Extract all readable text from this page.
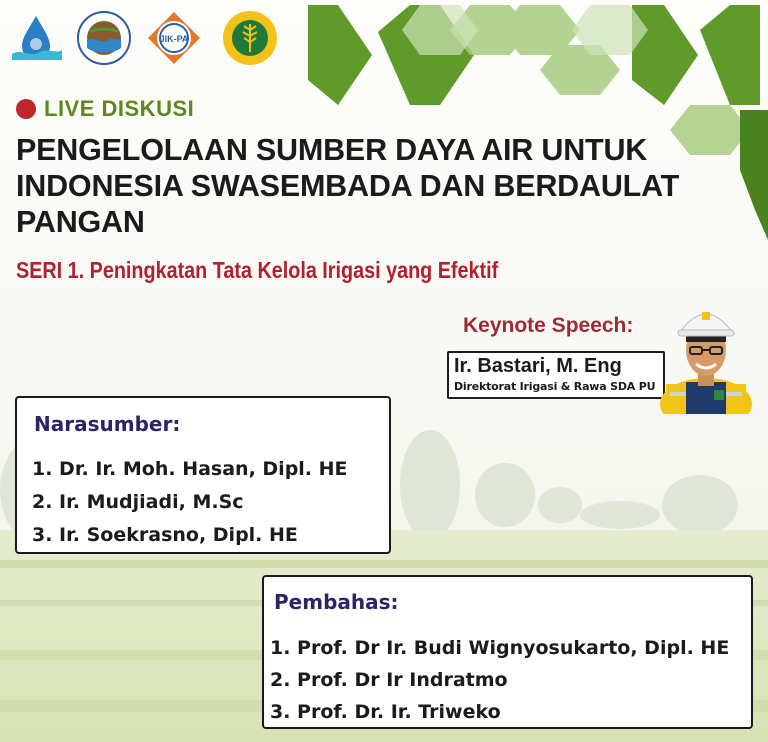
JIK-PA
LIVE DISKUSI
PENGELOLAAN SUMBER DAYA AIR UNTUK INDONESIA SWASEMBADA DAN BERDAULAT PANGAN
SERI 1. Peningkatan Tata Kelola Irigasi yang Efektif
Keynote Speech:
Ir. Bastari, M. Eng
Direktorat Irigasi & Rawa SDA PU
Narasumber:
1. Dr. Ir. Moh. Hasan, Dipl. HE
2. Ir. Mudjiadi, M.Sc
3. Ir. Soekrasno, Dipl. HE
Pembahas:
1. Prof. Dr Ir. Budi Wignyosukarto, Dipl. HE
2. Prof. Dr Ir Indratmo
3. Prof. Dr. Ir. Triweko
